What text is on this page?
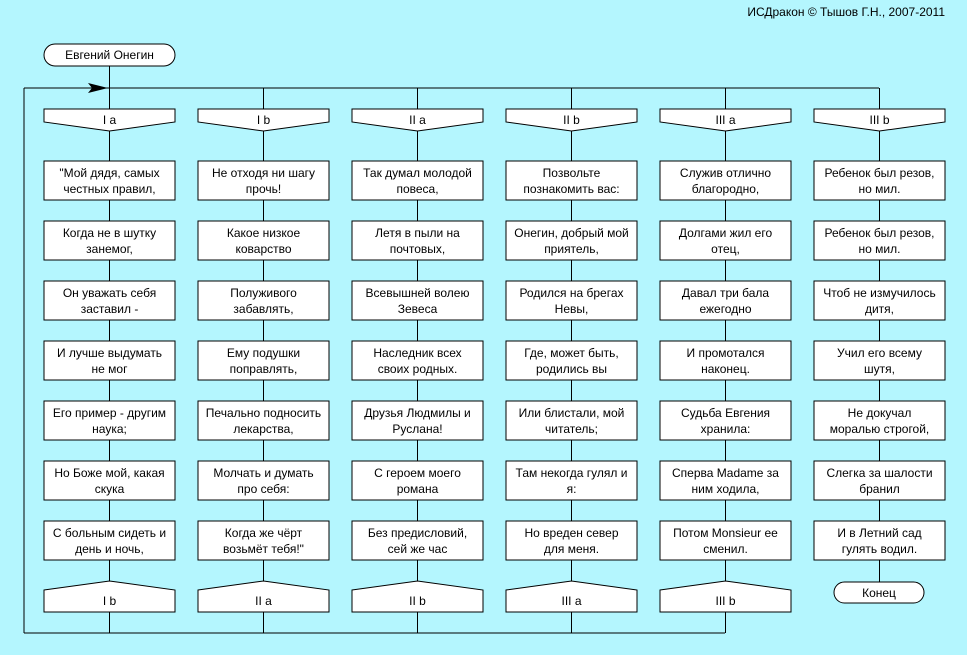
ИСДракон © Тышов Г.Н., 2007-2011
Евгений Онегин
I a
"Мой дядя, самых
честных правил,
Когда не в шутку
занемог,
Он уважать себя
заставил -
И лучше выдумать
не мог
Его пример - другим
наука;
Но Боже мой, какая
скука
С больным сидеть и
день и ночь,
I b
I b
Не отходя ни шагу
прочь!
Какое низкое
коварство
Полуживого
забавлять,
Ему подушки
поправлять,
Печально подносить
лекарства,
Молчать и думать
про себя:
Когда же чёрт
возьмёт тебя!"
II a
II a
Так думал молодой
повеса,
Летя в пыли на
почтовых,
Всевышней волею
Зевеса
Наследник всех
своих родных.
Друзья Людмилы и
Руслана!
С героем моего
романа
Без предисловий,
сей же час
II b
II b
Позвольте
познакомить вас:
Онегин, добрый мой
приятель,
Родился на брегах
Невы,
Где, может быть,
родились вы
Или блистали, мой
читатель;
Там некогда гулял и
я:
Но вреден север
для меня.
III a
III a
Служив отлично
благородно,
Долгами жил его
отец,
Давал три бала
ежегодно
И промотался
наконец.
Судьба Евгения
хранила:
Сперва Madame за
ним ходила,
Потом Monsieur ее
сменил.
III b
III b
Ребенок был резов,
но мил.
Ребенок был резов,
но мил.
Чтоб не измучилось
дитя,
Учил его всему
шутя,
Не докучал
моралью строгой,
Слегка за шалости
бранил
И в Летний сад
гулять водил.
Конец
